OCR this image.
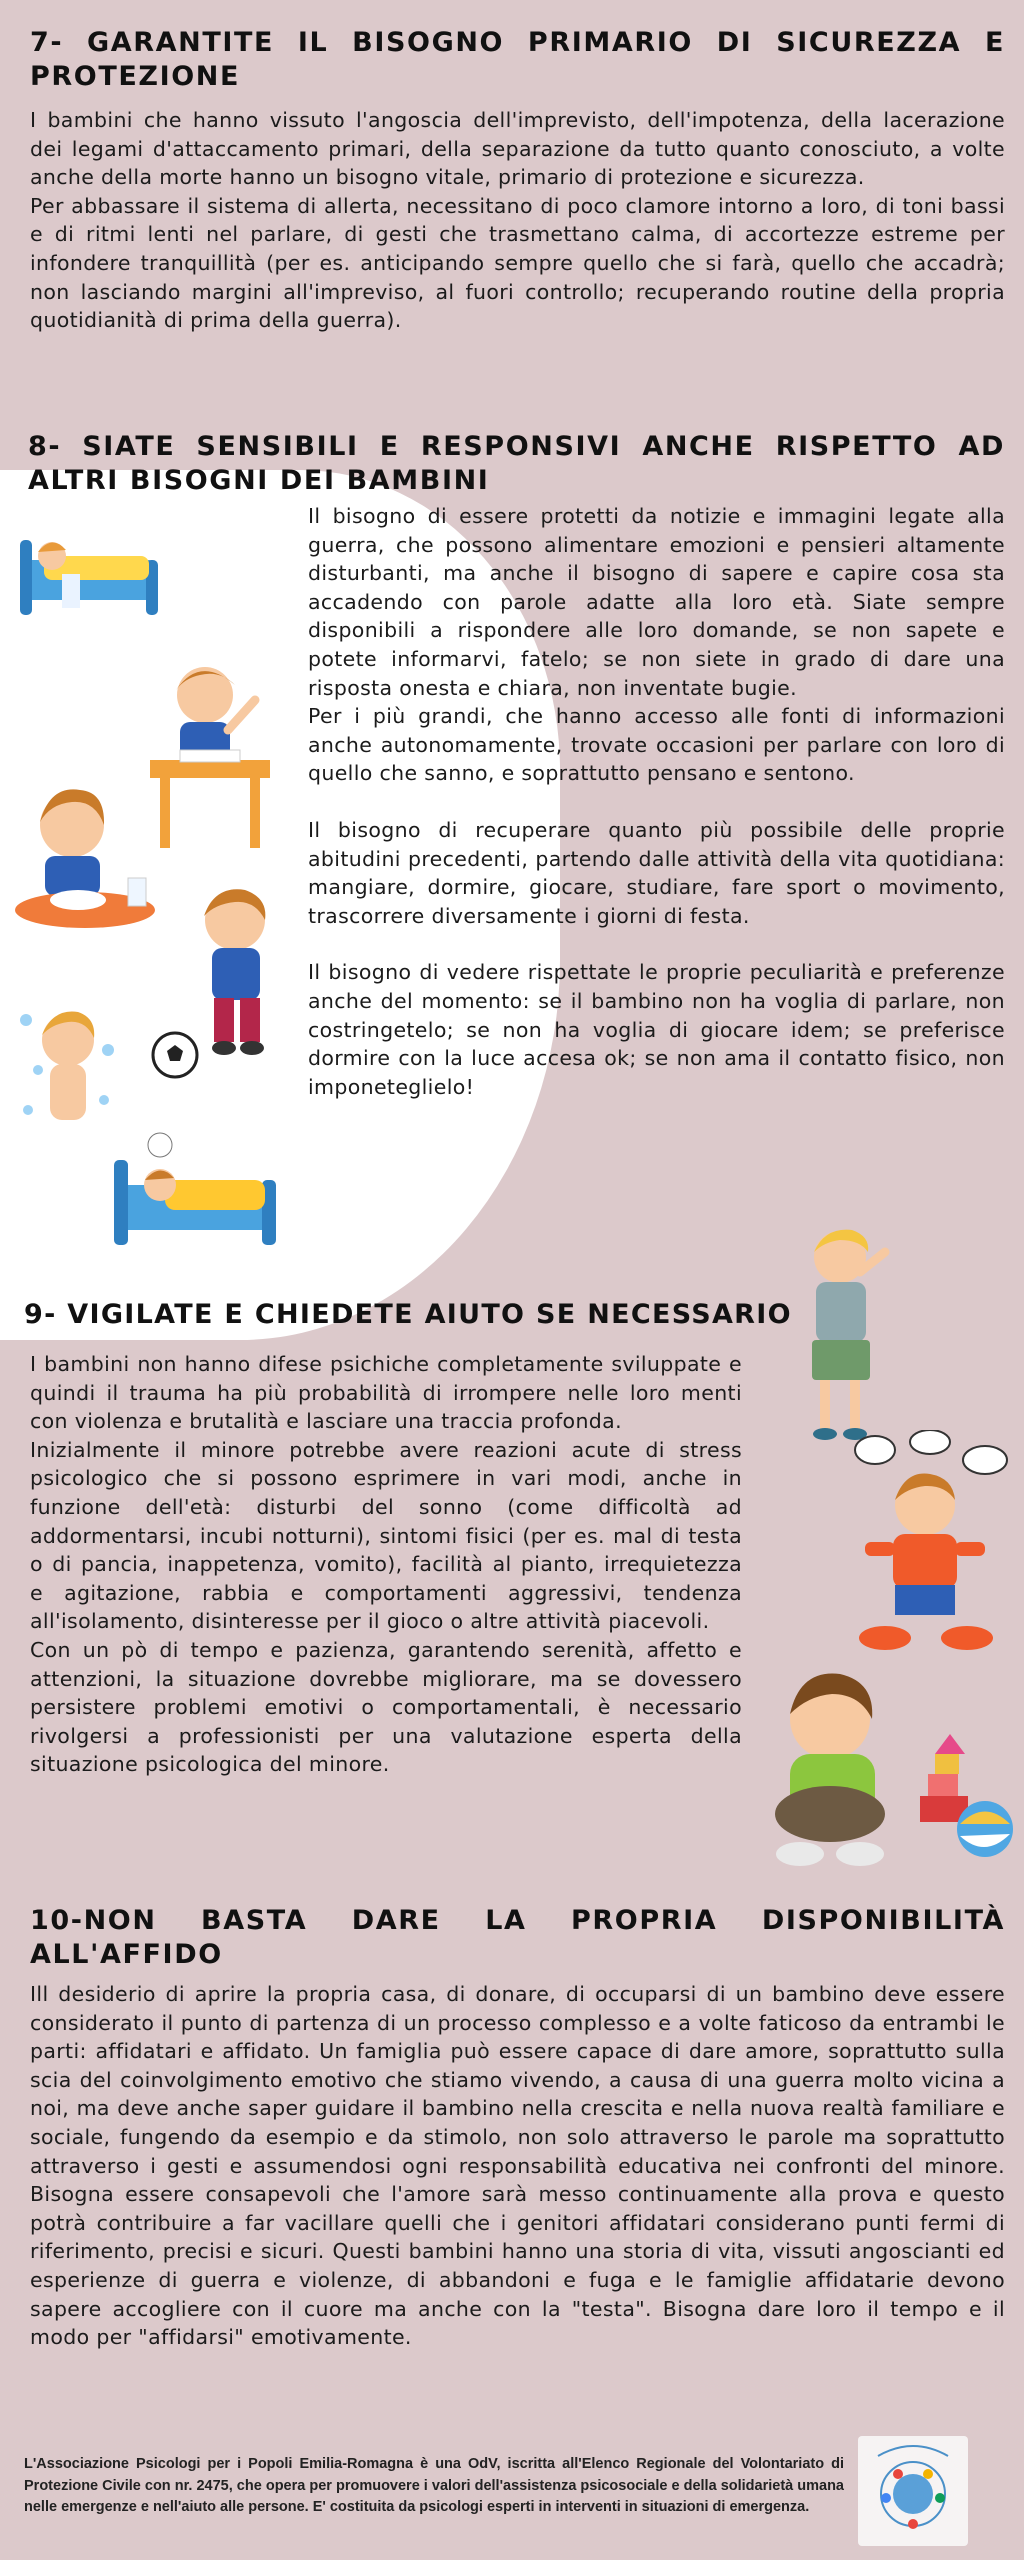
7- GARANTITE IL BISOGNO PRIMARIO DI SICUREZZA E PROTEZIONE

I bambini che hanno vissuto l'angoscia dell'imprevisto, dell'impotenza, della lacerazione dei legami d'attaccamento primari, della separazione da tutto quanto conosciuto, a volte anche della morte hanno un bisogno vitale, primario di protezione e sicurezza.

Per abbassare il sistema di allerta, necessitano di poco clamore intorno a loro, di toni bassi e di ritmi lenti nel parlare, di gesti che trasmettano calma, di accortezze estreme per infondere tranquillità (per es. anticipando sempre quello che si farà, quello che accadrà; non lasciando margini all'impreviso, al fuori controllo; recuperando routine della propria quotidianità di prima della guerra).

8- SIATE SENSIBILI E RESPONSIVI ANCHE RISPETTO AD ALTRI BISOGNI DEI BAMBINI

Il bisogno di essere protetti da notizie e immagini legate alla guerra, che possono alimentare emozioni e pensieri altamente disturbanti, ma anche il bisogno di sapere e capire cosa sta accadendo con parole adatte alla loro età. Siate sempre disponibili a rispondere alle loro domande, se non sapete e potete informarvi, fatelo; se non siete in grado di dare una risposta onesta e chiara, non inventate bugie.

Per i più grandi, che hanno accesso alle fonti di informazioni anche autonomamente, trovate occasioni per parlare con loro di quello che sanno, e soprattutto pensano e sentono.

Il bisogno di recuperare quanto più possibile delle proprie abitudini precedenti, partendo dalle attività della vita quotidiana: mangiare, dormire, giocare, studiare, fare sport o movimento, trascorrere diversamente i giorni di festa.

Il bisogno di vedere rispettate le proprie peculiarità e preferenze anche del momento: se il bambino non ha voglia di parlare, non costringetelo; se non ha voglia di giocare idem; se preferisce dormire con la luce accesa ok; se non ama il contatto fisico, non imponeteglielo!

9- VIGILATE E CHIEDETE AIUTO SE NECESSARIO

I bambini non hanno difese psichiche completamente sviluppate e quindi il trauma ha più probabilità di irrompere nelle loro menti con violenza e brutalità e lasciare una traccia profonda.

Inizialmente il minore potrebbe avere reazioni acute di stress psicologico che si possono esprimere in vari modi, anche in funzione dell'età: disturbi del sonno (come difficoltà ad addormentarsi, incubi notturni), sintomi fisici (per es. mal di testa o di pancia, inappetenza, vomito), facilità al pianto, irrequietezza e agitazione, rabbia e comportamenti aggressivi, tendenza all'isolamento, disinteresse per il gioco o altre attività piacevoli.

Con un pò di tempo e pazienza, garantendo serenità, affetto e attenzioni, la situazione dovrebbe migliorare, ma se dovessero persistere problemi emotivi o comportamentali, è necessario rivolgersi a professionisti per una valutazione esperta della situazione psicologica del minore.

10-NON BASTA DARE LA PROPRIA DISPONIBILITÀ ALL'AFFIDO

Ill desiderio di aprire la propria casa, di donare, di occuparsi di un bambino deve essere considerato il punto di partenza di un processo complesso e a volte faticoso da entrambi le parti: affidatari e affidato. Un famiglia può essere capace di dare amore, soprattutto sulla scia del coinvolgimento emotivo che stiamo vivendo, a causa di una guerra molto vicina a noi, ma deve anche saper guidare il bambino nella crescita e nella nuova realtà familiare e sociale, fungendo da esempio e da stimolo, non solo attraverso le parole ma soprattutto attraverso i gesti e assumendosi ogni responsabilità educativa nei confronti del minore. Bisogna essere consapevoli che l'amore sarà messo continuamente alla prova e questo potrà contribuire a far vacillare quelli che i genitori affidatari considerano punti fermi di riferimento, precisi e sicuri. Questi bambini hanno una storia di vita, vissuti angoscianti ed esperienze di guerra e violenze, di abbandoni e fuga e le famiglie affidatarie devono sapere accogliere con il cuore ma anche con la "testa". Bisogna dare loro il tempo e il modo per "affidarsi" emotivamente.

L'Associazione Psicologi per i Popoli Emilia-Romagna è una OdV, iscritta all'Elenco Regionale del Volontariato di Protezione Civile con nr. 2475, che opera per promuovere i valori dell'assistenza psicosociale e della solidarietà umana nelle emergenze e nell'aiuto alle persone. E' costituita da psicologi esperti in interventi in situazioni di emergenza.
